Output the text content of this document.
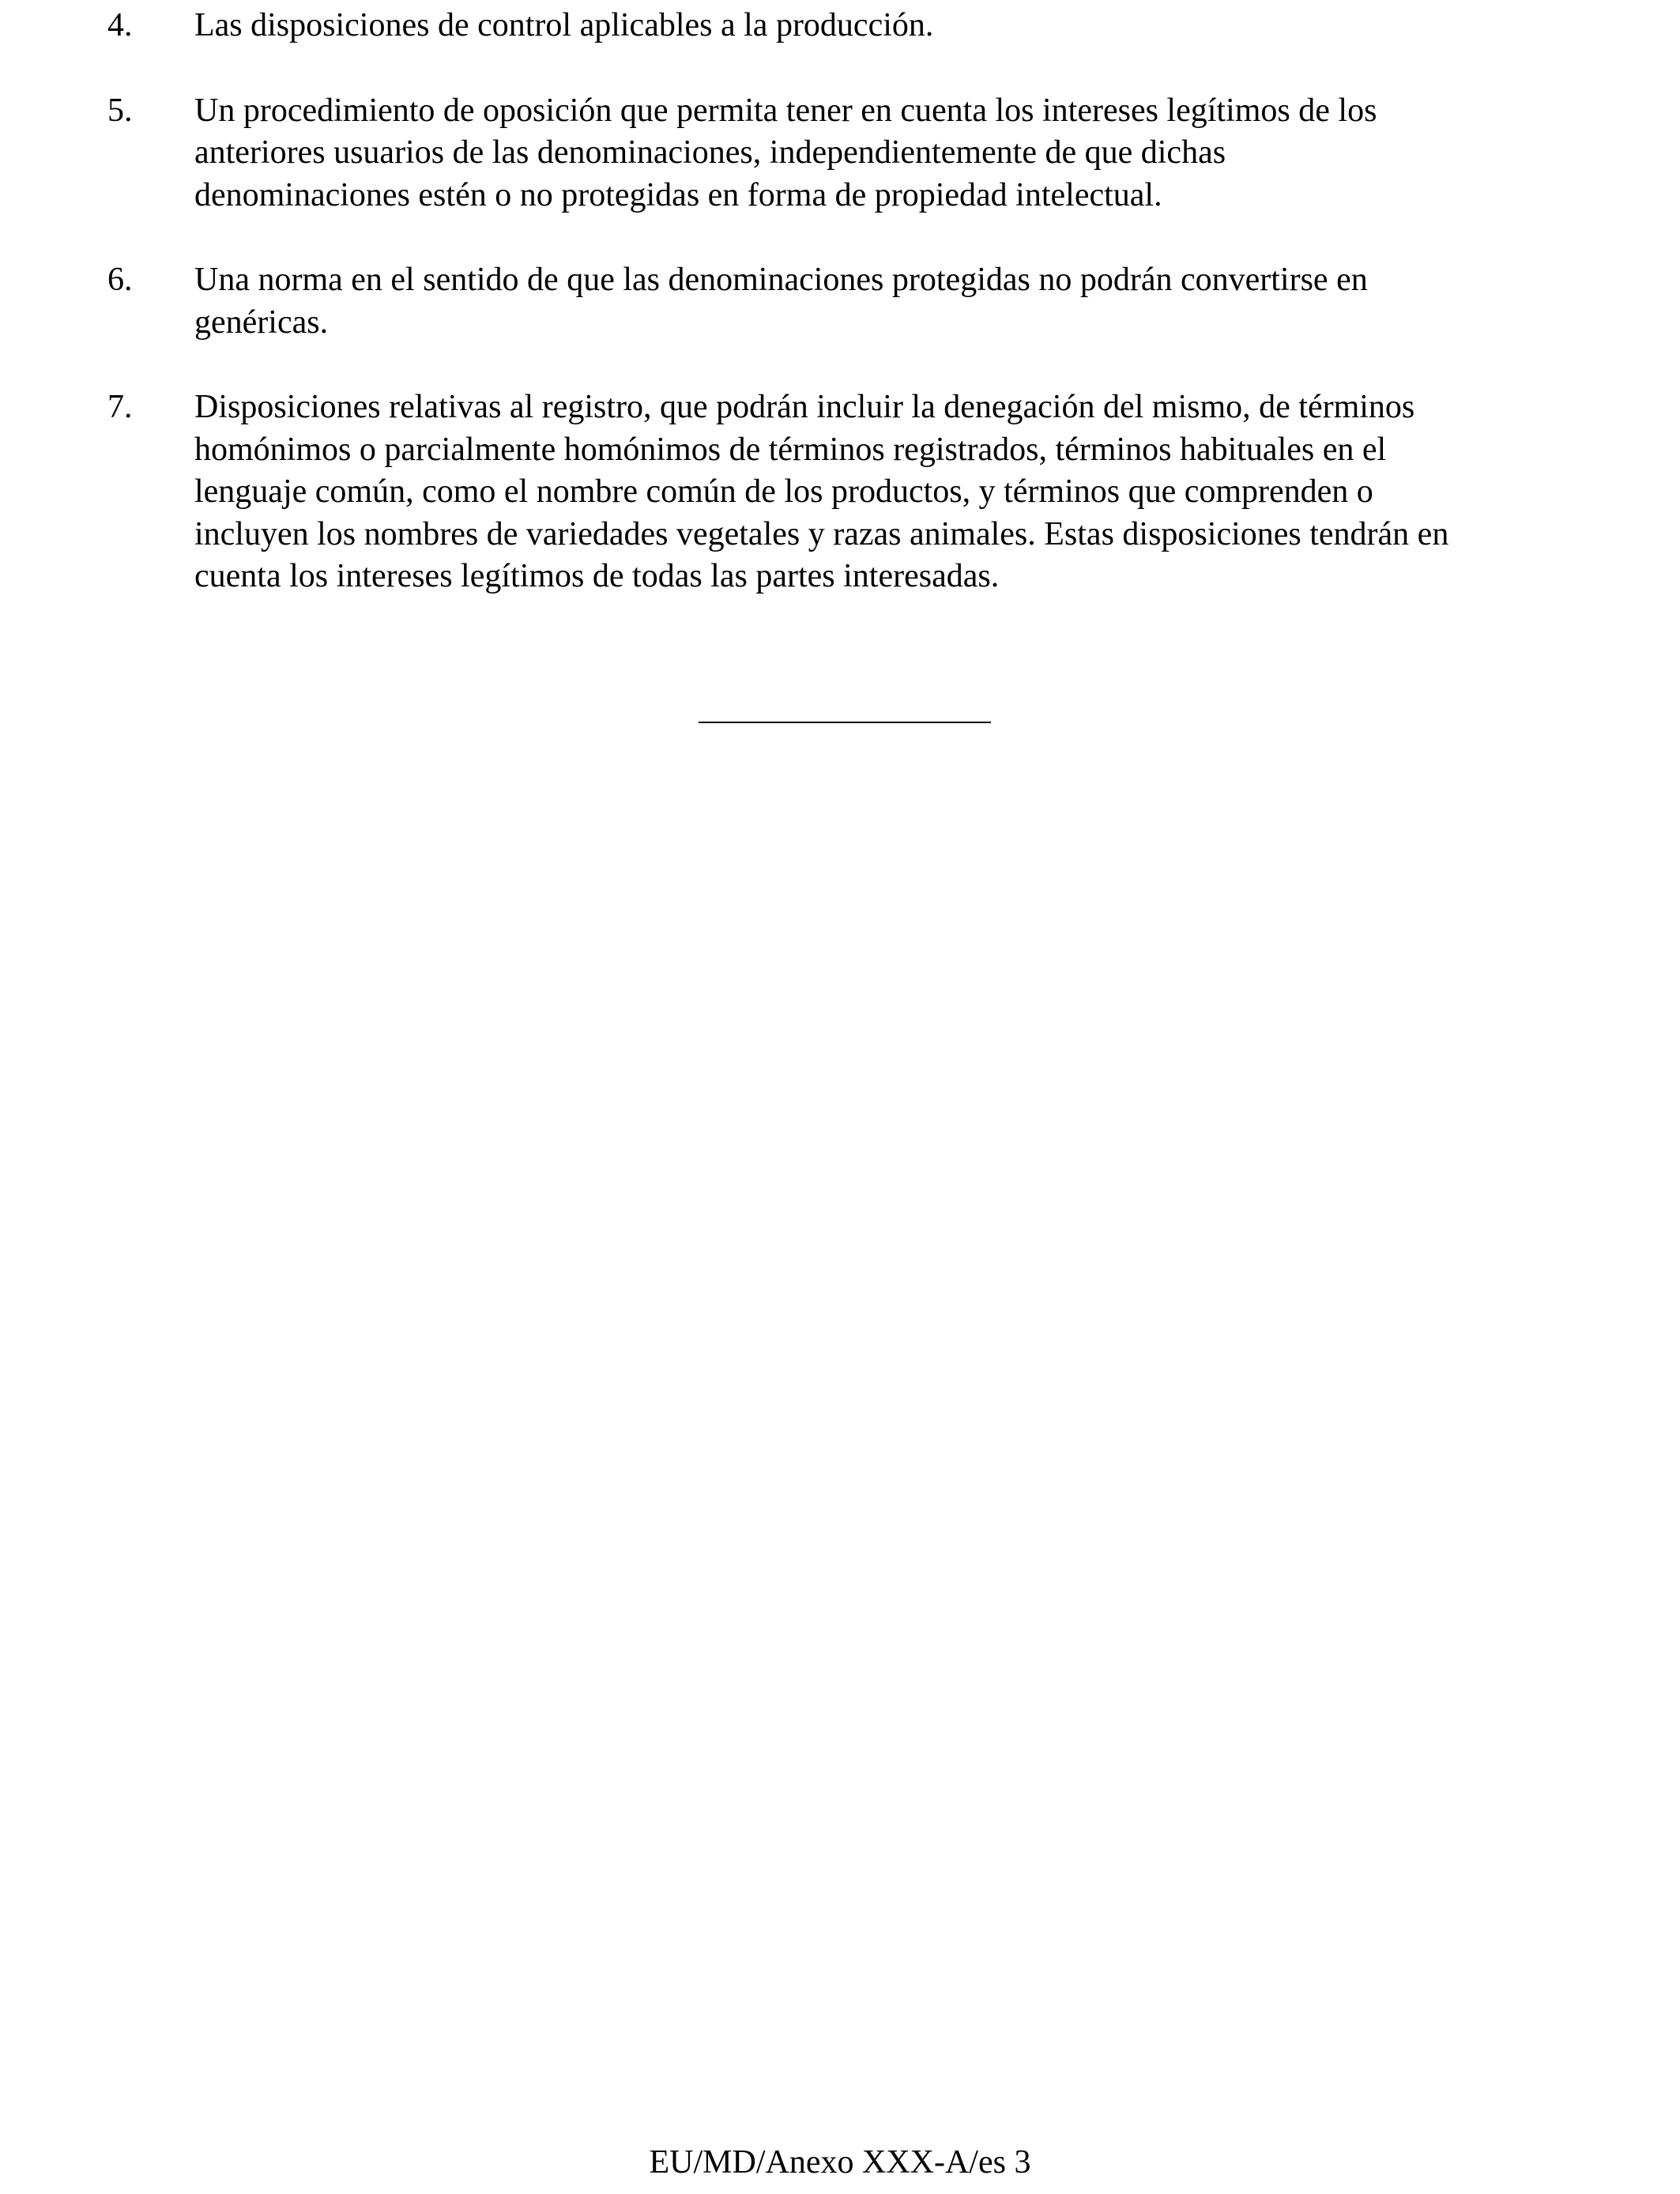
4. Las disposiciones de control aplicables a la producción.
5. Un procedimiento de oposición que permita tener en cuenta los intereses legítimos de los
anteriores usuarios de las denominaciones, independientemente de que dichas
denominaciones estén o no protegidas en forma de propiedad intelectual.
6. Una norma en el sentido de que las denominaciones protegidas no podrán convertirse en
genéricas.
7. Disposiciones relativas al registro, que podrán incluir la denegación del mismo, de términos
homónimos o parcialmente homónimos de términos registrados, términos habituales en el
lenguaje común, como el nombre común de los productos, y términos que comprenden o
incluyen los nombres de variedades vegetales y razas animales. Estas disposiciones tendrán en
cuenta los intereses legítimos de todas las partes interesadas.
EU/MD/Anexo XXX-A/es 3
